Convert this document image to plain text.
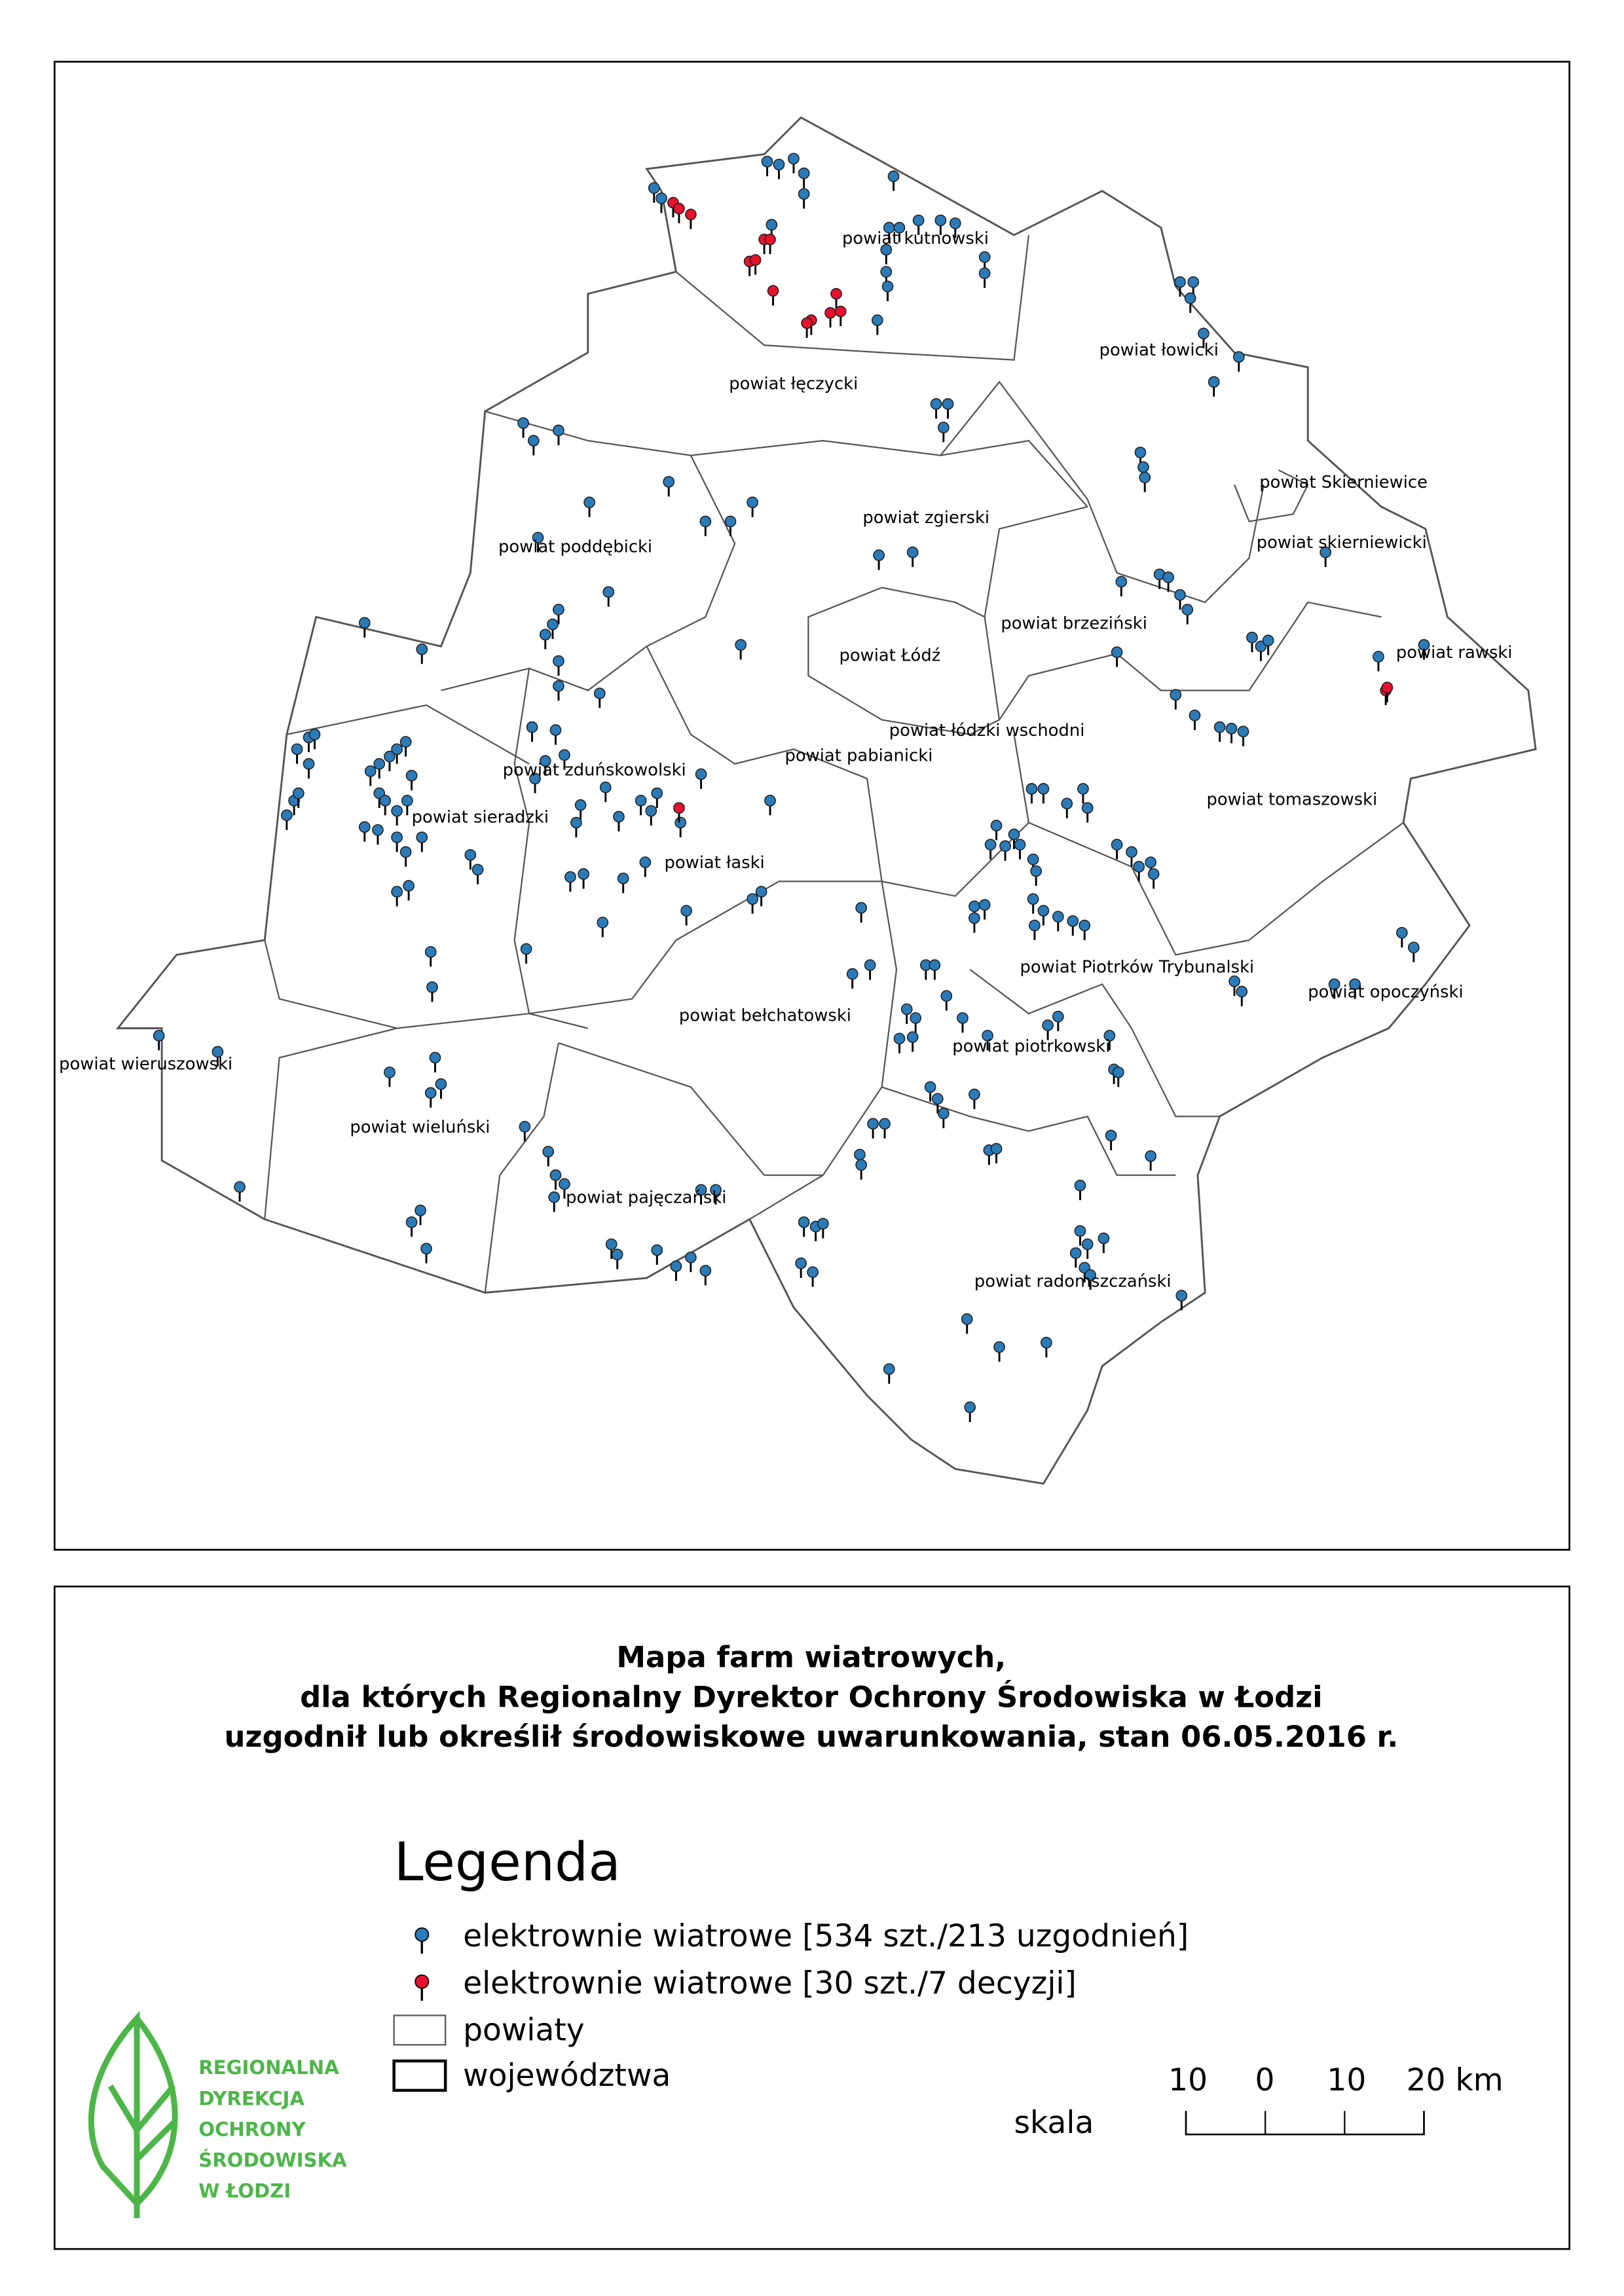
powiat kutnowski
powiat łęczycki
powiat łowicki
powiat Skierniewice
powiat skierniewicki
powiat zgierski
powiat poddębicki
powiat brzeziński
powiat Łódź	powiat rawski
powiat łódzki wschodni
powiat pabianicki
powiat zduńskowolski
powiat tomaszowski
powiat sieradzki
powiat łaski
powiat Piotrków Trybunalski
powiat opoczyński
powiat bełchatowski
powiat wieruszowski
powiat piotrkowski
powiat wieluński
powiat pajęczański
powiat radomszczański
Mapa farm wiatrowych,
dla których Regionalny Dyrektor Ochrony Środowiska w Łodzi
uzgodnił lub określił środowiskowe uwarunkowania, stan 06.05.2016 r.
Legenda
elektrownie wiatrowe [534 szt./213 uzgodnień]
elektrownie wiatrowe [30 szt./7 decyzji]
powiaty
województwa	10	0	10	20 km
skala
REGIONALNA
DYREKCJA
OCHRONY
ŚRODOWISKA
W ŁODZI
